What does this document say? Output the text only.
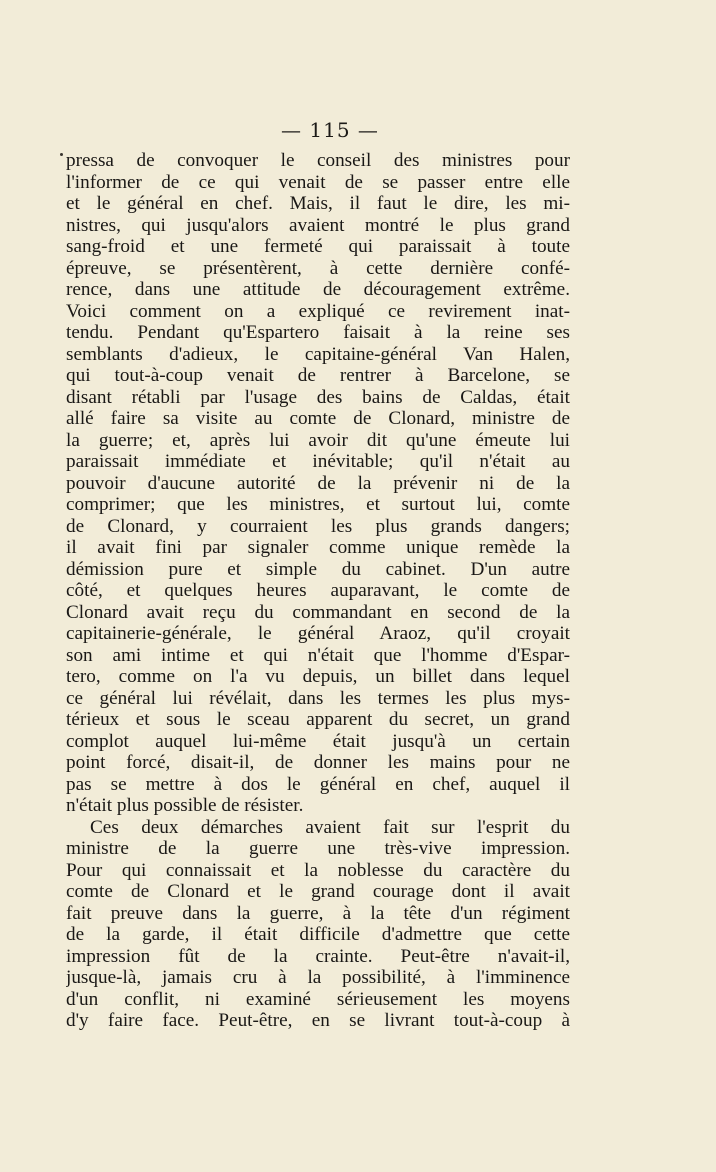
— 115 —
pressa de convoquer le conseil des ministres pour
l'informer de ce qui venait de se passer entre elle
et le général en chef. Mais, il faut le dire, les mi-
nistres, qui jusqu'alors avaient montré le plus grand
sang-froid et une fermeté qui paraissait à toute
épreuve, se présentèrent, à cette dernière confé-
rence, dans une attitude de découragement extrême.
Voici comment on a expliqué ce revirement inat-
tendu. Pendant qu'Espartero faisait à la reine ses
semblants d'adieux, le capitaine-général Van Halen,
qui tout-à-coup venait de rentrer à Barcelone, se
disant rétabli par l'usage des bains de Caldas, était
allé faire sa visite au comte de Clonard, ministre de
la guerre; et, après lui avoir dit qu'une émeute lui
paraissait immédiate et inévitable; qu'il n'était au
pouvoir d'aucune autorité de la prévenir ni de la
comprimer; que les ministres, et surtout lui, comte
de Clonard, y courraient les plus grands dangers;
il avait fini par signaler comme unique remède la
démission pure et simple du cabinet. D'un autre
côté, et quelques heures auparavant, le comte de
Clonard avait reçu du commandant en second de la
capitainerie-générale, le général Araoz, qu'il croyait
son ami intime et qui n'était que l'homme d'Espar-
tero, comme on l'a vu depuis, un billet dans lequel
ce général lui révélait, dans les termes les plus mys-
térieux et sous le sceau apparent du secret, un grand
complot auquel lui-même était jusqu'à un certain
point forcé, disait-il, de donner les mains pour ne
pas se mettre à dos le général en chef, auquel il
n'était plus possible de résister.
Ces deux démarches avaient fait sur l'esprit du
ministre de la guerre une très-vive impression.
Pour qui connaissait et la noblesse du caractère du
comte de Clonard et le grand courage dont il avait
fait preuve dans la guerre, à la tête d'un régiment
de la garde, il était difficile d'admettre que cette
impression fût de la crainte. Peut-être n'avait-il,
jusque-là, jamais cru à la possibilité, à l'imminence
d'un conflit, ni examiné sérieusement les moyens
d'y faire face. Peut-être, en se livrant tout-à-coup à
